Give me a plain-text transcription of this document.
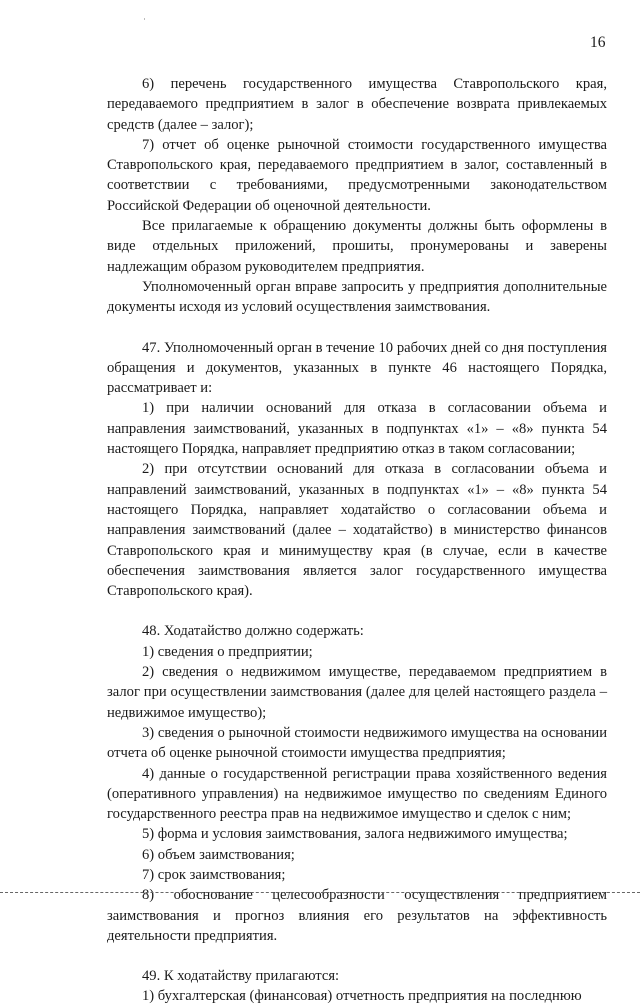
16

6) перечень государственного имущества Ставропольского края, передаваемого предприятием в залог в обеспечение возврата привлекаемых средств (далее – залог);

7) отчет об оценке рыночной стоимости государственного имущества Ставропольского края, передаваемого предприятием в залог, составленный в соответствии с требованиями, предусмотренными законодательством Российской Федерации об оценочной деятельности.

Все прилагаемые к обращению документы должны быть оформлены в виде отдельных приложений, прошиты, пронумерованы и заверены надлежащим образом руководителем предприятия.

Уполномоченный орган вправе запросить у предприятия дополнительные документы исходя из условий осуществления заимствования.

47. Уполномоченный орган в течение 10 рабочих дней со дня поступления обращения и документов, указанных в пункте 46 настоящего Порядка, рассматривает и:

1) при наличии оснований для отказа в согласовании объема и направления заимствований, указанных в подпунктах «1» – «8» пункта 54 настоящего Порядка, направляет предприятию отказ в таком согласовании;

2) при отсутствии оснований для отказа в согласовании объема и направлений заимствований, указанных в подпунктах «1» – «8» пункта 54 настоящего Порядка, направляет ходатайство о согласовании объема и направления заимствований (далее – ходатайство) в министерство финансов Ставропольского края и минимуществу края (в случае, если в качестве обеспечения заимствования является залог государственного имущества Ставропольского края).

48. Ходатайство должно содержать:

1) сведения о предприятии;

2) сведения о недвижимом имуществе, передаваемом предприятием в залог при осуществлении заимствования (далее для целей настоящего раздела – недвижимое имущество);

3) сведения о рыночной стоимости недвижимого имущества на основании отчета об оценке рыночной стоимости имущества предприятия;

4) данные о государственной регистрации права хозяйственного ведения (оперативного управления) на недвижимое имущество по сведениям Единого государственного реестра прав на недвижимое имущество и сделок с ним;

5) форма и условия заимствования, залога недвижимого имущества;

6) объем заимствования;

7) срок заимствования;

8) обоснование целесообразности осуществления предприятием заимствования и прогноз влияния его результатов на эффективность деятельности предприятия.

49. К ходатайству прилагаются:

1) бухгалтерская (финансовая) отчетность предприятия на последнюю
